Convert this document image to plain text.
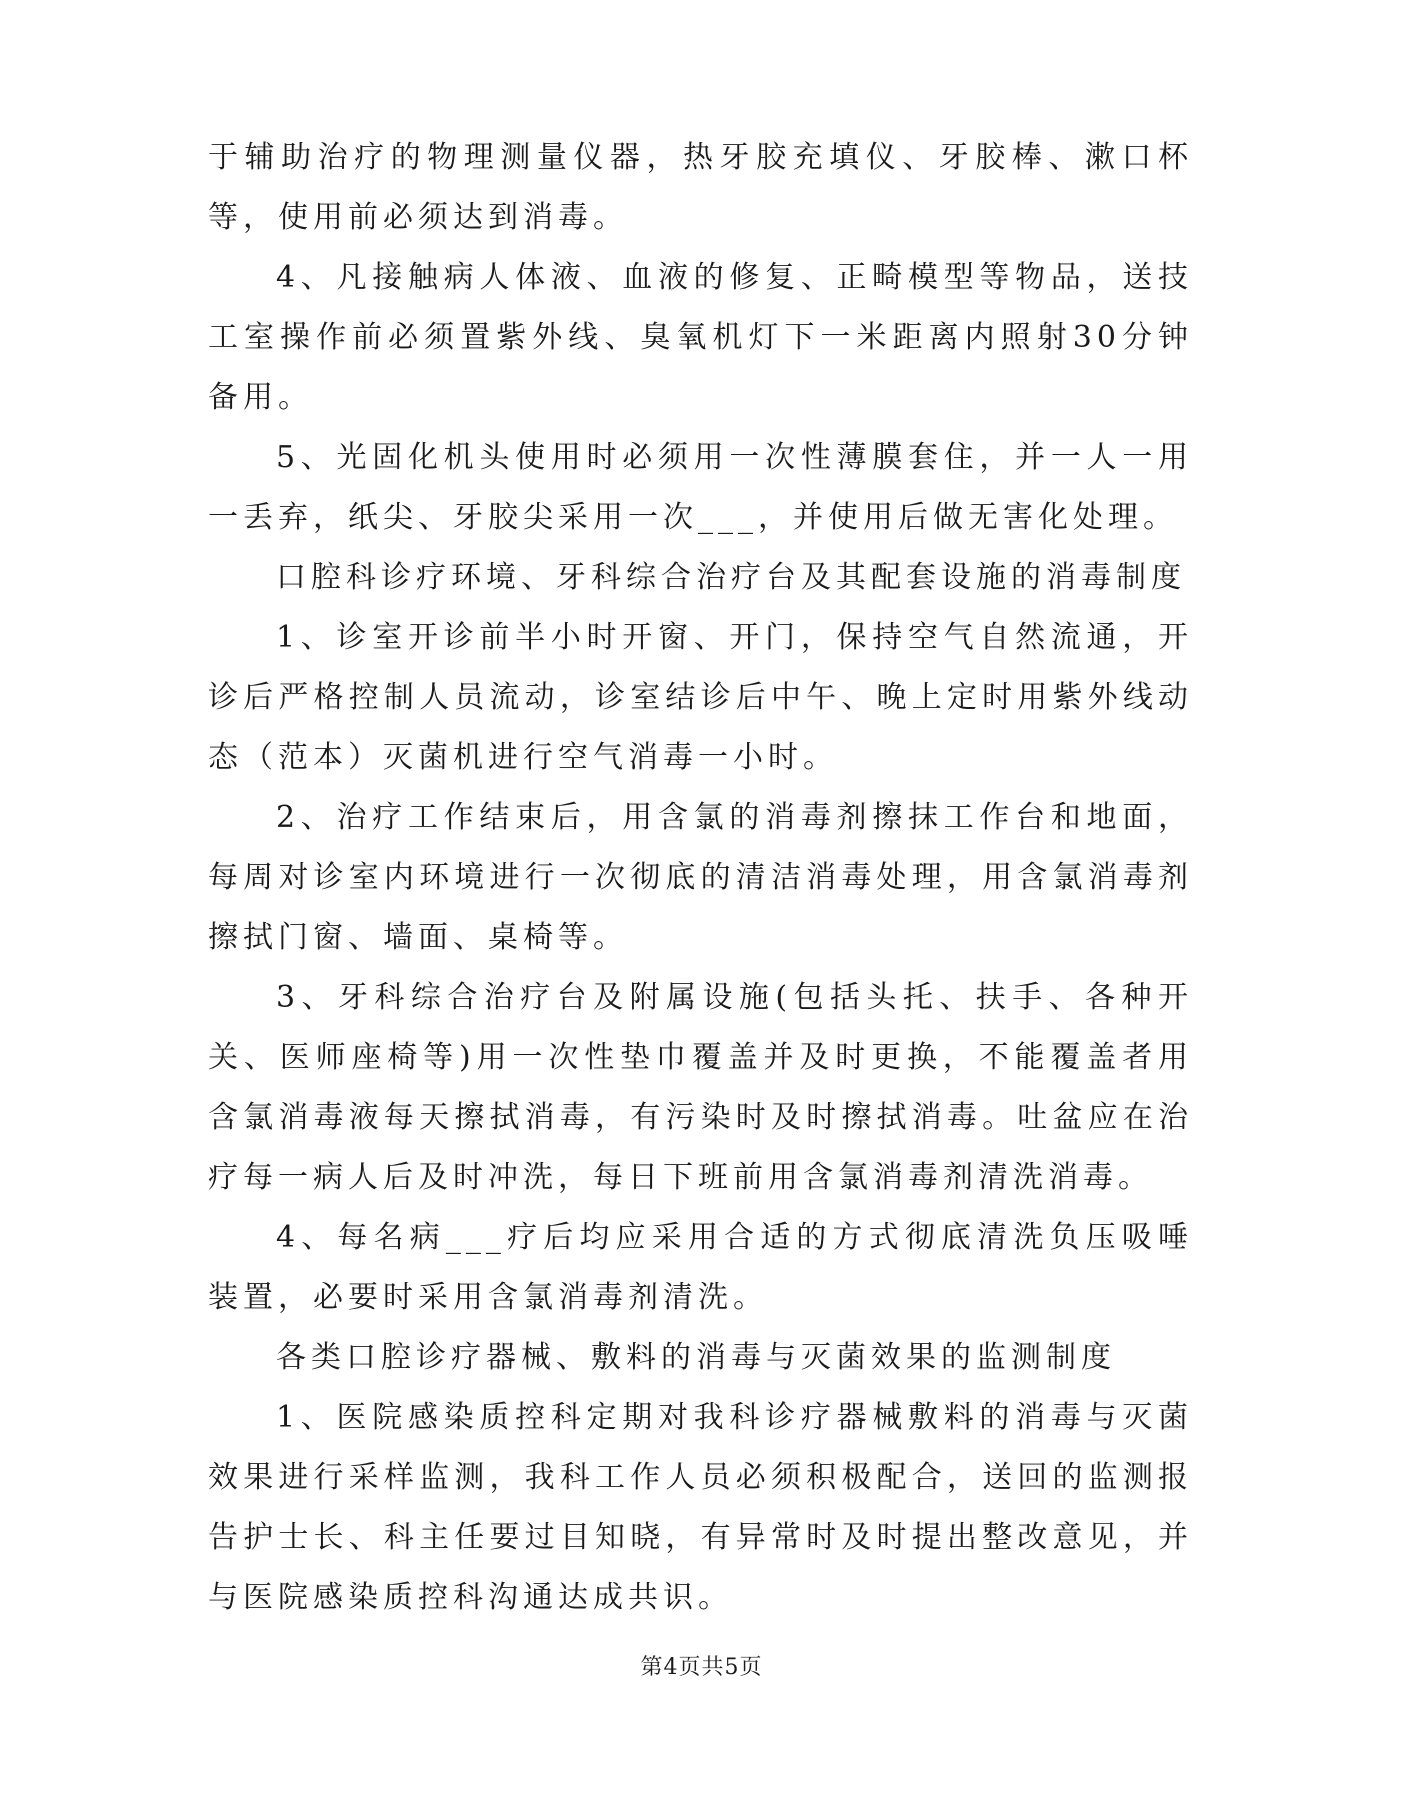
于辅助治疗的物理测量仪器，热牙胶充填仪、牙胶棒、漱口杯等，使用前必须达到消毒。

4、凡接触病人体液、血液的修复、正畸模型等物品，送技工室操作前必须置紫外线、臭氧机灯下一米距离内照射30分钟备用。

5、光固化机头使用时必须用一次性薄膜套住，并一人一用一丢弃，纸尖、牙胶尖采用一次___，并使用后做无害化处理。

口腔科诊疗环境、牙科综合治疗台及其配套设施的消毒制度

1、诊室开诊前半小时开窗、开门，保持空气自然流通，开诊后严格控制人员流动，诊室结诊后中午、晚上定时用紫外线动态（范本）灭菌机进行空气消毒一小时。

2、治疗工作结束后，用含氯的消毒剂擦抹工作台和地面，每周对诊室内环境进行一次彻底的清洁消毒处理，用含氯消毒剂擦拭门窗、墙面、桌椅等。

3、牙科综合治疗台及附属设施(包括头托、扶手、各种开关、医师座椅等)用一次性垫巾覆盖并及时更换，不能覆盖者用含氯消毒液每天擦拭消毒，有污染时及时擦拭消毒。吐盆应在治疗每一病人后及时冲洗，每日下班前用含氯消毒剂清洗消毒。

4、每名病___疗后均应采用合适的方式彻底清洗负压吸唾装置，必要时采用含氯消毒剂清洗。

各类口腔诊疗器械、敷料的消毒与灭菌效果的监测制度

1、医院感染质控科定期对我科诊疗器械敷料的消毒与灭菌效果进行采样监测，我科工作人员必须积极配合，送回的监测报告护士长、科主任要过目知晓，有异常时及时提出整改意见，并与医院感染质控科沟通达成共识。

第4页共5页
